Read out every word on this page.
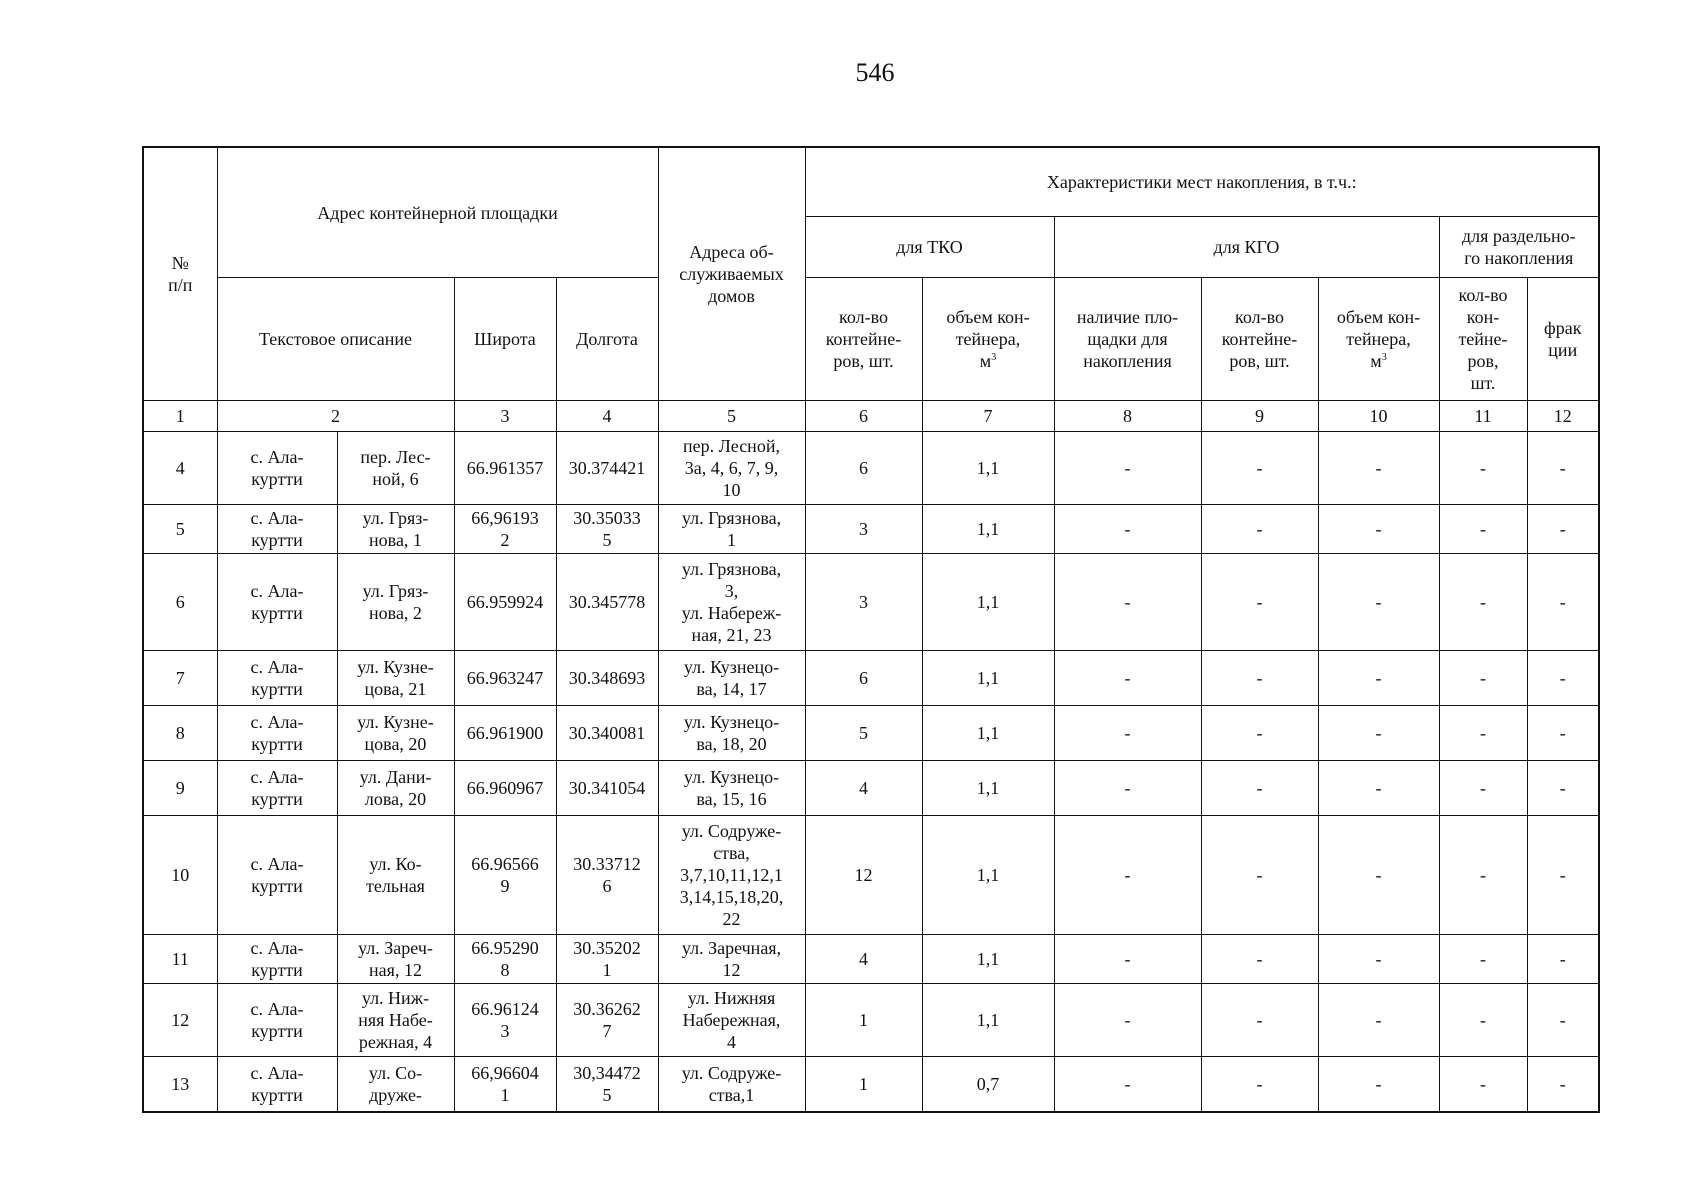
546
№
п/п	Адрес контейнерной площадки				Адреса об-
служиваемых
домов	Характеристики мест накопления, в т.ч.:						
						для ТКО		для КГО			для раздельно-
го накопления	
						кол-во
контейне-
ров, шт.	объем кон-
тейнера,
$м^3$	наличие пло-
щадки для
накопления	кол-во
контейне-
ров, шт.	объем кон-
тейнера,
$м^3$	кол-во
кон-
тейне-
ров,
шт.	фрак
ции
	Текстовое описание		Широта	Долгота								
1	2		3	4	5	6	7	8	9	10	11	12
4	с. Ала-
куртти	пер. Лес-
ной, 6	66.961357	30.374421	пер. Лесной,
3а, 4, 6, 7, 9,
10	6	1,1	-	-	-	-	-
5	с. Ала-
куртти	ул. Гряз-
нова, 1	66,96193
2	30.35033
5	ул. Грязнова,
1	3	1,1	-	-	-	-	-
6	с. Ала-
куртти	ул. Гряз-
нова, 2	66.959924	30.345778	ул. Грязнова,
3,
ул. Набереж-
ная, 21, 23	3	1,1	-	-	-	-	-
7	с. Ала-
куртти	ул. Кузне-
цова, 21	66.963247	30.348693	ул. Кузнецо-
ва, 14, 17	6	1,1	-	-	-	-	-
8	с. Ала-
куртти	ул. Кузне-
цова, 20	66.961900	30.340081	ул. Кузнецо-
ва, 18, 20	5	1,1	-	-	-	-	-
9	с. Ала-
куртти	ул. Дани-
лова, 20	66.960967	30.341054	ул. Кузнецо-
ва, 15, 16	4	1,1	-	-	-	-	-
10	с. Ала-
куртти	ул. Ко-
тельная	66.96566
9	30.33712
6	ул. Содруже-
ства,
3,7,10,11,12,1
3,14,15,18,20,
22	12	1,1	-	-	-	-	-
11	с. Ала-
куртти	ул. Зареч-
ная, 12	66.95290
8	30.35202
1	ул. Заречная,
12	4	1,1	-	-	-	-	-
12	с. Ала-
куртти	ул. Ниж-
няя Набе-
режная, 4	66.96124
3	30.36262
7	ул. Нижняя
Набережная,
4	1	1,1	-	-	-	-	-
13	с. Ала-
куртти	ул. Со-
друже-	66,96604
1	30,34472
5	ул. Содруже-
ства,1	1	0,7	-	-	-	-	-
